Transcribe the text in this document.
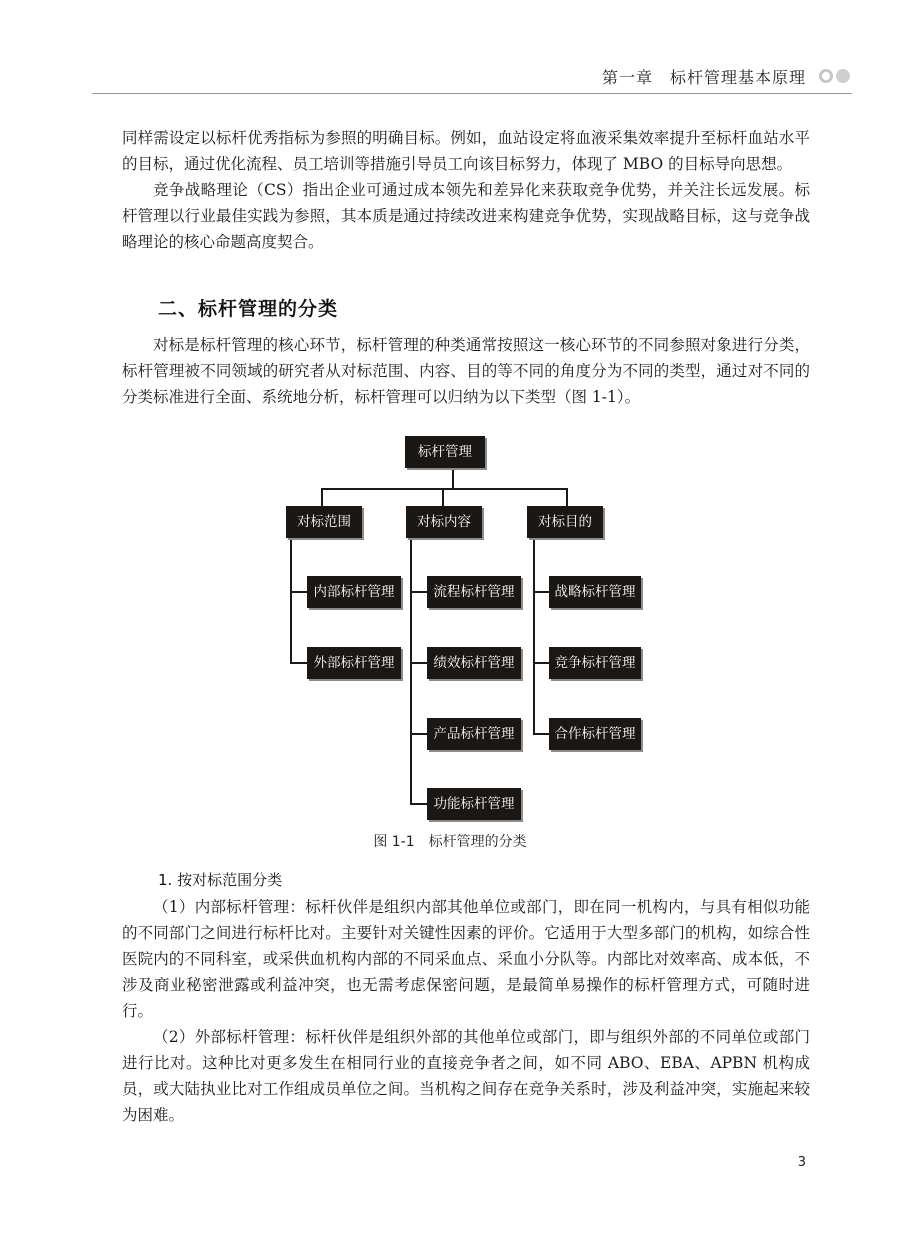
第一章　标杆管理基本原理

同样需设定以标杆优秀指标为参照的明确目标。例如，血站设定将血液采集效率提升至标杆血站水平的目标，通过优化流程、员工培训等措施引导员工向该目标努力，体现了 MBO 的目标导向思想。

竞争战略理论（CS）指出企业可通过成本领先和差异化来获取竞争优势，并关注长远发展。标杆管理以行业最佳实践为参照，其本质是通过持续改进来构建竞争优势，实现战略目标，这与竞争战略理论的核心命题高度契合。

二、标杆管理的分类

对标是标杆管理的核心环节，标杆管理的种类通常按照这一核心环节的不同参照对象进行分类，标杆管理被不同领域的研究者从对标范围、内容、目的等不同的角度分为不同的类型，通过对不同的分类标准进行全面、系统地分析，标杆管理可以归纳为以下类型（图 1-1）。

标杆管理
对标范围	对标内容	对标目的
内部标杆管理
外部标杆管理
流程标杆管理
绩效标杆管理
产品标杆管理
功能标杆管理
战略标杆管理
竞争标杆管理
合作标杆管理
图 1-1　标杆管理的分类
1. 按对标范围分类

（1）内部标杆管理：标杆伙伴是组织内部其他单位或部门，即在同一机构内，与具有相似功能的不同部门之间进行标杆比对。主要针对关键性因素的评价。它适用于大型多部门的机构，如综合性医院内的不同科室，或采供血机构内部的不同采血点、采血小分队等。内部比对效率高、成本低，不涉及商业秘密泄露或利益冲突，也无需考虑保密问题，是最简单易操作的标杆管理方式，可随时进行。

（2）外部标杆管理：标杆伙伴是组织外部的其他单位或部门，即与组织外部的不同单位或部门进行比对。这种比对更多发生在相同行业的直接竞争者之间，如不同 ABO、EBA、APBN 机构成员，或大陆执业比对工作组成员单位之间。当机构之间存在竞争关系时，涉及利益冲突，实施起来较为困难。

3
